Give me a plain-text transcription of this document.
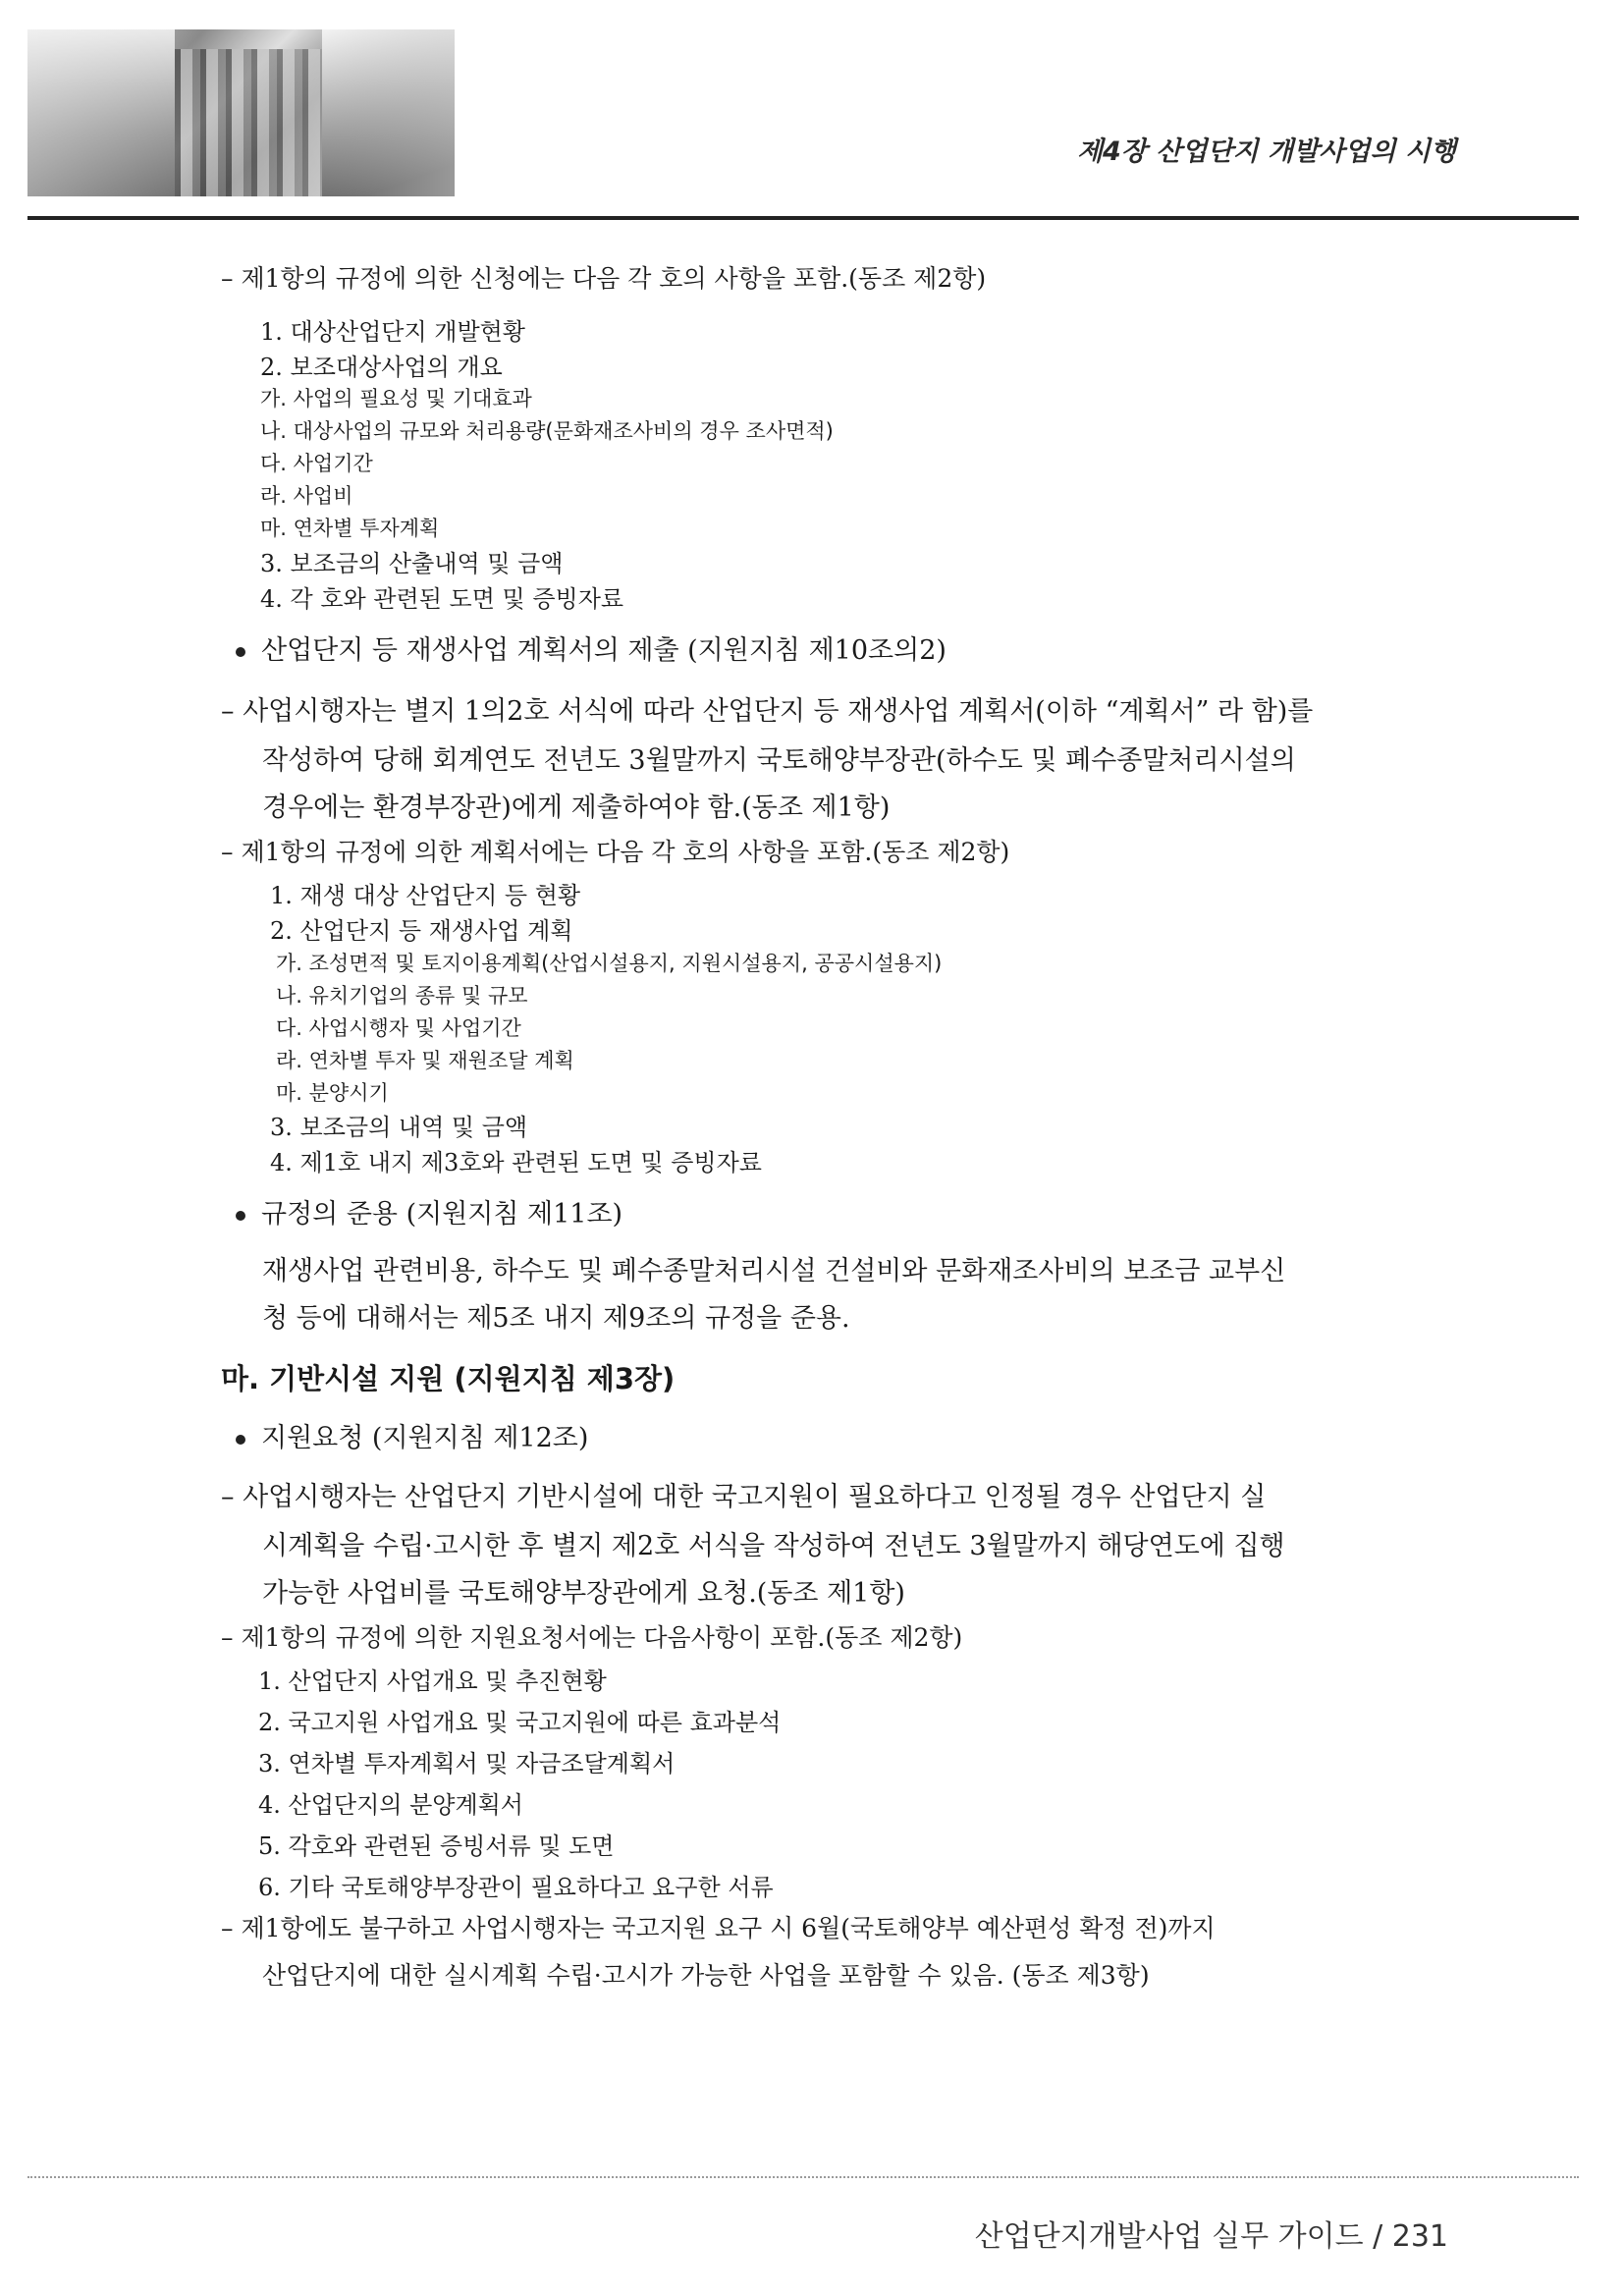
제4장 산업단지 개발사업의 시행
– 제1항의 규정에 의한 신청에는 다음 각 호의 사항을 포함.(동조 제2항)
1. 대상산업단지 개발현황
2. 보조대상사업의 개요
가. 사업의 필요성 및 기대효과
나. 대상사업의 규모와 처리용량(문화재조사비의 경우 조사면적)
다. 사업기간
라. 사업비
마. 연차별 투자계획
3. 보조금의 산출내역 및 금액
4. 각 호와 관련된 도면 및 증빙자료
산업단지 등 재생사업 계획서의 제출 (지원지침 제10조의2)
– 사업시행자는 별지 1의2호 서식에 따라 산업단지 등 재생사업 계획서(이하 “계획서” 라 함)를
작성하여 당해 회계연도 전년도 3월말까지 국토해양부장관(하수도 및 폐수종말처리시설의
경우에는 환경부장관)에게 제출하여야 함.(동조 제1항)
– 제1항의 규정에 의한 계획서에는 다음 각 호의 사항을 포함.(동조 제2항)
1. 재생 대상 산업단지 등 현황
2. 산업단지 등 재생사업 계획
가. 조성면적 및 토지이용계획(산업시설용지, 지원시설용지, 공공시설용지)
나. 유치기업의 종류 및 규모
다. 사업시행자 및 사업기간
라. 연차별 투자 및 재원조달 계획
마. 분양시기
3. 보조금의 내역 및 금액
4. 제1호 내지 제3호와 관련된 도면 및 증빙자료
규정의 준용 (지원지침 제11조)
재생사업 관련비용, 하수도 및 폐수종말처리시설 건설비와 문화재조사비의 보조금 교부신
청 등에 대해서는 제5조 내지 제9조의 규정을 준용.
마. 기반시설 지원 (지원지침 제3장)
지원요청 (지원지침 제12조)
– 사업시행자는 산업단지 기반시설에 대한 국고지원이 필요하다고 인정될 경우 산업단지 실
시계획을 수립·고시한 후 별지 제2호 서식을 작성하여 전년도 3월말까지 해당연도에 집행
가능한 사업비를 국토해양부장관에게 요청.(동조 제1항)
– 제1항의 규정에 의한 지원요청서에는 다음사항이 포함.(동조 제2항)
1. 산업단지 사업개요 및 추진현황
2. 국고지원 사업개요 및 국고지원에 따른 효과분석
3. 연차별 투자계획서 및 자금조달계획서
4. 산업단지의 분양계획서
5. 각호와 관련된 증빙서류 및 도면
6. 기타 국토해양부장관이 필요하다고 요구한 서류
– 제1항에도 불구하고 사업시행자는 국고지원 요구 시 6월(국토해양부 예산편성 확정 전)까지
산업단지에 대한 실시계획 수립·고시가 가능한 사업을 포함할 수 있음. (동조 제3항)
산업단지개발사업 실무 가이드 / 231
